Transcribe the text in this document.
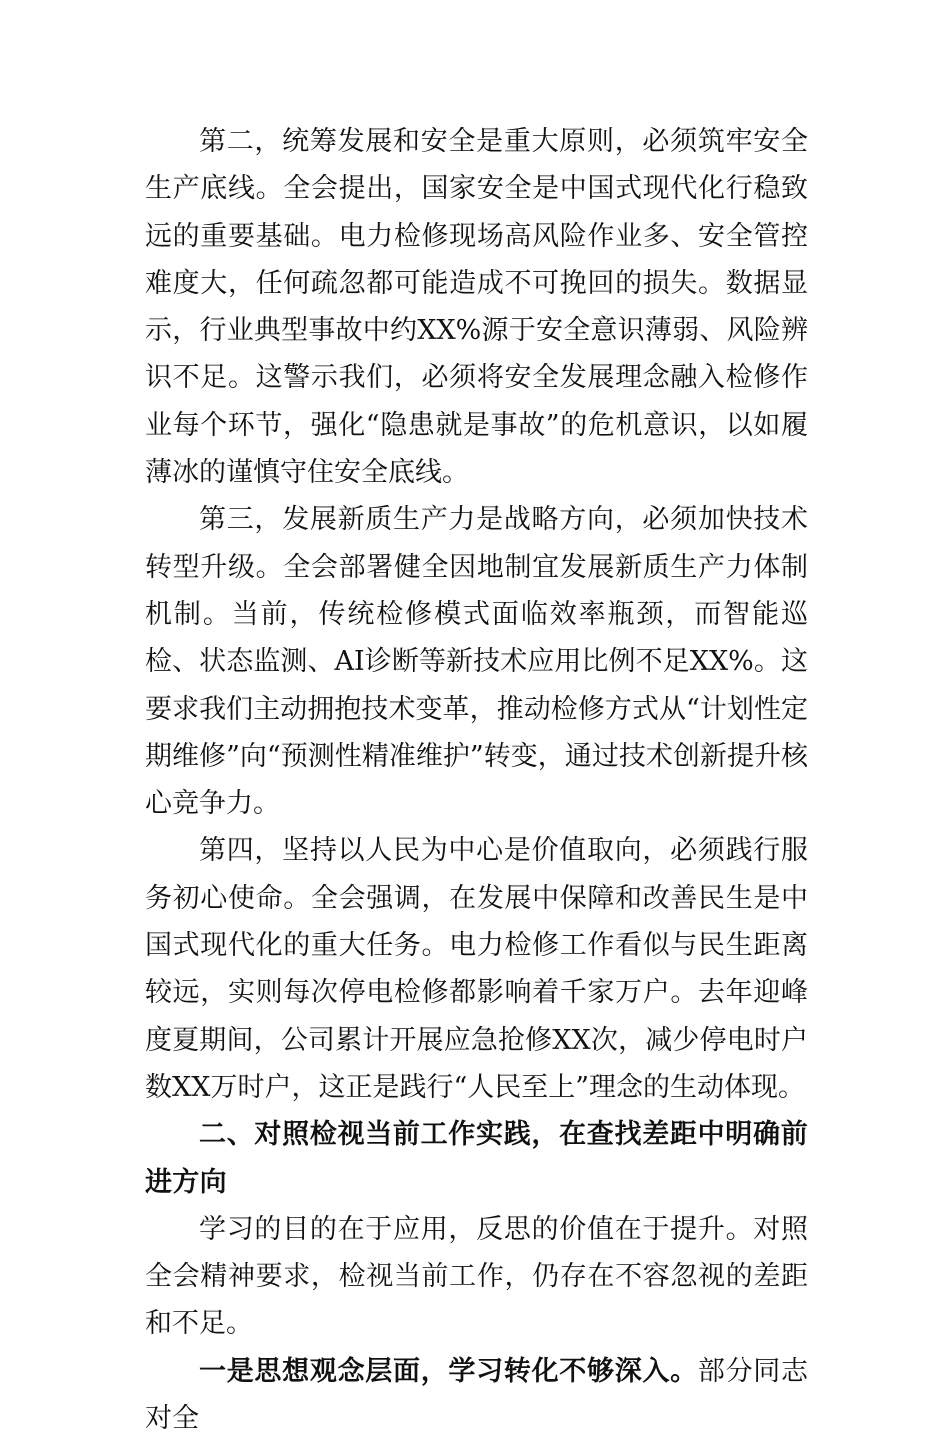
第二，统筹发展和安全是重大原则，必须筑牢安全生产底线。全会提出，国家安全是中国式现代化行稳致远的重要基础。电力检修现场高风险作业多、安全管控难度大，任何疏忽都可能造成不可挽回的损失。数据显示，行业典型事故中约XX%源于安全意识薄弱、风险辨识不足。这警示我们，必须将安全发展理念融入检修作业每个环节，强化“隐患就是事故”的危机意识，以如履薄冰的谨慎守住安全底线。

第三，发展新质生产力是战略方向，必须加快技术转型升级。全会部署健全因地制宜发展新质生产力体制机制。当前，传统检修模式面临效率瓶颈，而智能巡检、状态监测、AI诊断等新技术应用比例不足XX%。这要求我们主动拥抱技术变革，推动检修方式从“计划性定期维修”向“预测性精准维护”转变，通过技术创新提升核心竞争力。

第四，坚持以人民为中心是价值取向，必须践行服务初心使命。全会强调，在发展中保障和改善民生是中国式现代化的重大任务。电力检修工作看似与民生距离较远，实则每次停电检修都影响着千家万户。去年迎峰度夏期间，公司累计开展应急抢修XX次，减少停电时户数XX万时户，这正是践行“人民至上”理念的生动体现。

二、对照检视当前工作实践，在查找差距中明确前进方向

学习的目的在于应用，反思的价值在于提升。对照全会精神要求，检视当前工作，仍存在不容忽视的差距和不足。

一是思想观念层面，学习转化不够深入。部分同志对全
